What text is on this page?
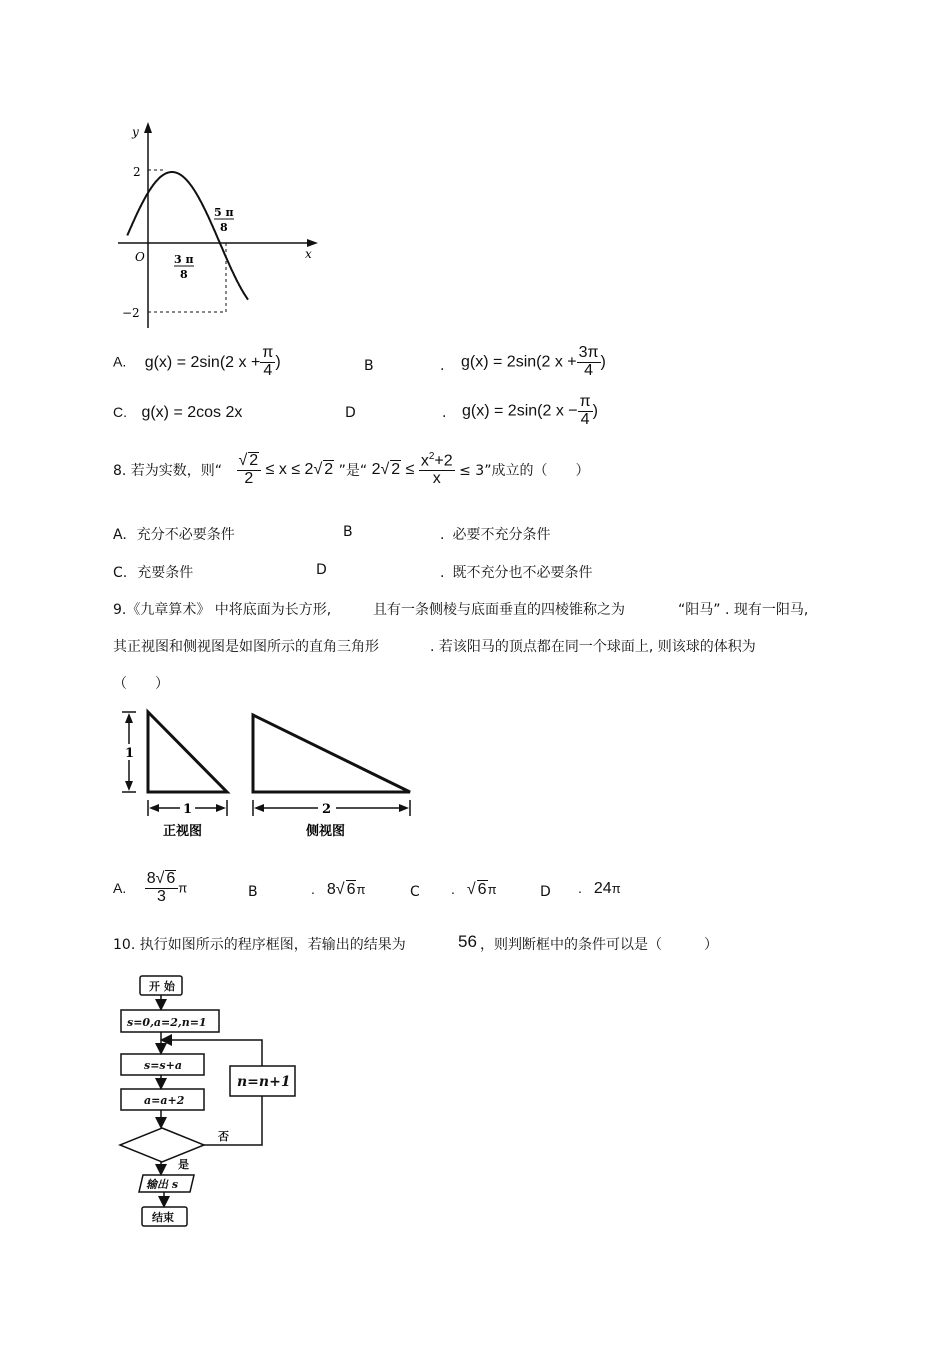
y
x
O
2
−2
3 π
8
5 π
8
A. g(x) = 2sin(2 $x + \frac{\pi}{4}$ )	B	. g(x) = 2sin(2 $x + \frac{3\pi}{4}$ )
C. g(x) = 2cos 2x	D	. g(x) = 2sin(2 $x - \frac{\pi}{4}$ )
8. 若为实数，则“ $\frac{√ 2}{2} \le x \le 2√$ 2 ”是“ 2√ $2 \le \frac{x^2+2}{x} \le 3$”成立的（　　）
A. 充分不必要条件	B	. 必要不充分条件
C. 充要条件	D	. 既不充分也不必要条件
9.《九章算术》 中将底面为长方形,	且有一条侧棱与底面垂直的四棱锥称之为	“阳马” . 现有一阳马,
其正视图和侧视图是如图所示的直角三角形	. 若该阳马的顶点都在同一个球面上, 则该球的体积为
（　　）
1
1	2
正视图	侧视图
A. $\frac{8√ 6}{3}$ π	B	. 8√ 6π	C . √ 6π	D . 24π
10. 执行如图所示的程序框图，若输出的结果为	56 ，则判断框中的条件可以是（　　　）
开 始
s=0,a=2,n=1
s=s+a
a=a+2
n=n+1
否
是
输出 s
结束
